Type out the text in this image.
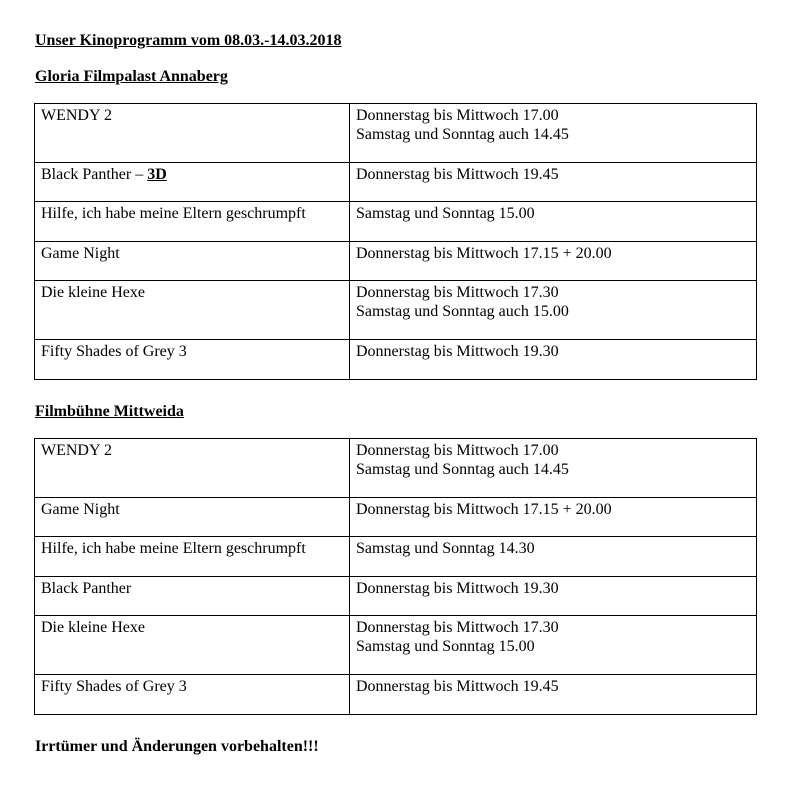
Unser Kinoprogramm vom 08.03.-14.03.2018
Gloria Filmpalast Annaberg
WENDY 2	Donnerstag bis Mittwoch 17.00
Samstag und Sonntag auch 14.45

Black Panther – 3D	Donnerstag bis Mittwoch 19.45

Hilfe, ich habe meine Eltern geschrumpft	Samstag und Sonntag 15.00

Game Night	Donnerstag bis Mittwoch 17.15 + 20.00

Die kleine Hexe	Donnerstag bis Mittwoch 17.30
Samstag und Sonntag auch 15.00

Fifty Shades of Grey 3	Donnerstag bis Mittwoch 19.30
Filmbühne Mittweida
WENDY 2	Donnerstag bis Mittwoch 17.00
Samstag und Sonntag auch 14.45

Game Night	Donnerstag bis Mittwoch 17.15 + 20.00

Hilfe, ich habe meine Eltern geschrumpft	Samstag und Sonntag 14.30

Black Panther	Donnerstag bis Mittwoch 19.30

Die kleine Hexe	Donnerstag bis Mittwoch 17.30
Samstag und Sonntag 15.00

Fifty Shades of Grey 3	Donnerstag bis Mittwoch 19.45
Irrtümer und Änderungen vorbehalten!!!
